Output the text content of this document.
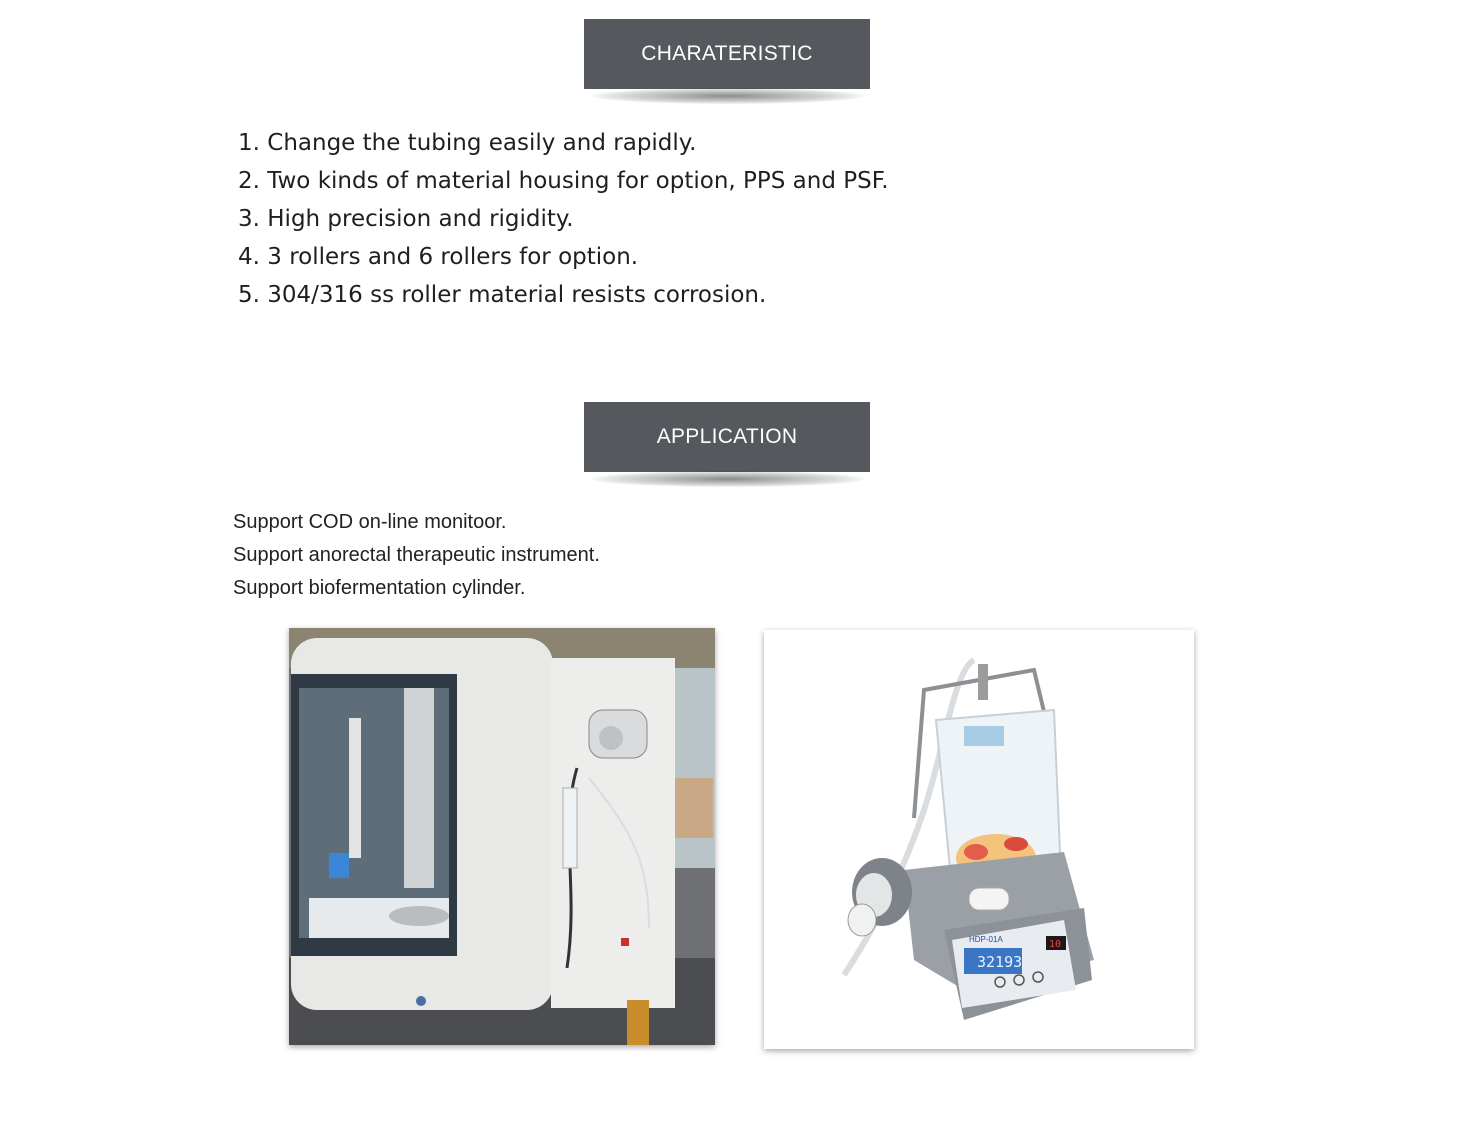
CHARATERISTIC
1. Change the tubing easily and rapidly.
2. Two kinds of material housing for option, PPS and PSF.
3. High precision and rigidity.
4. 3 rollers and 6 rollers for option.
5. 304/316 ss roller material resists corrosion.
APPLICATION
Support COD on-line monitoor.
Support anorectal therapeutic instrument.
Support biofermentation cylinder.
HDP-01A
32193
10
